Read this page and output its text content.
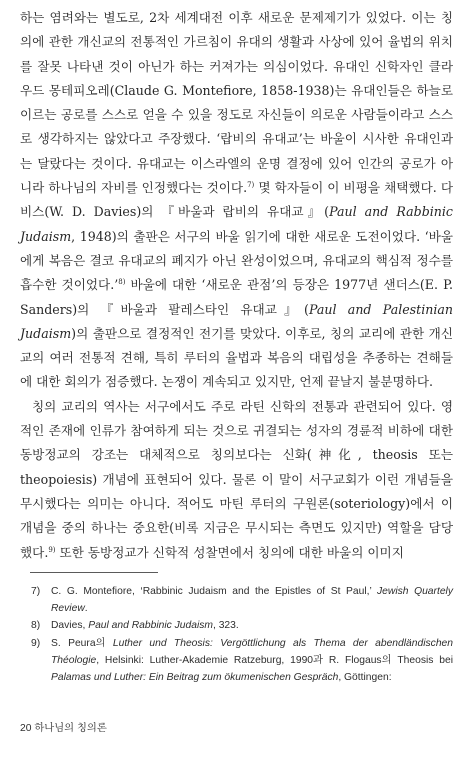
하는 염려와는 별도로, 2차 세계대전 이후 새로운 문제제기가 있었다. 이는 칭의에 관한 개신교의 전통적인 가르침이 유대의 생활과 사상에 있어 율법의 위치를 잘못 나타낸 것이 아닌가 하는 커져가는 의심이었다. 유대인 신학자인 클라우드 몽테피오레(Claude G. Montefiore, 1858-1938)는 유대인들은 하늘로 이르는 공로를 스스로 얻을 수 있을 정도로 자신들이 의로운 사람들이라고 스스로 생각하지는 않았다고 주장했다. ‘랍비의 유대교’는 바울이 시사한 유대인과는 달랐다는 것이다. 유대교는 이스라엘의 운명 결정에 있어 인간의 공로가 아니라 하나님의 자비를 인정했다는 것이다.$^{7)}$ 몇 학자들이 이 비평을 채택했다. 다비스(W. D. Davies)의 『바울과 랍비의 유대교』(Paul and Rabbinic Judaism, 1948)의 출판은 서구의 바울 읽기에 대한 새로운 도전이었다. ‘바울에게 복음은 결코 유대교의 폐지가 아닌 완성이었으며, 유대교의 핵심적 정수를 흡수한 것이었다.’$^{8)}$ 바울에 대한 ‘새로운 관점’의 등장은 1977년 샌더스(E. P. Sanders)의 『바울과 팔레스타인 유대교』(Paul and Palestinian Judaism)의 출판으로 결정적인 전기를 맞았다. 이후로, 칭의 교리에 관한 개신교의 여러 전통적 견해, 특히 루터의 율법과 복음의 대립성을 추종하는 견해들에 대한 회의가 점증했다. 논쟁이 계속되고 있지만, 언제 끝날지 불분명하다.

칭의 교리의 역사는 서구에서도 주로 라틴 신학의 전통과 관련되어 있다. 영적인 존재에 인류가 참여하게 되는 것으로 귀결되는 성자의 경륜적 비하에 대한 동방정교의 강조는 대체적으로 칭의보다는 신화(神化, theosis 또는 theopoiesis) 개념에 표현되어 있다. 물론 이 말이 서구교회가 이런 개념들을 무시했다는 의미는 아니다. 적어도 마틴 루터의 구원론(soteriology)에서 이 개념을 중의 하나는 중요한(비록 지금은 무시되는 측면도 있지만) 역할을 담당했다.$^{9)}$ 또한 동방정교가 신학적 성찰면에서 칭의에 대한 바울의 이미지

7) C. G. Montefiore, ‘Rabbinic Judaism and the Epistles of St Paul,’ Jewish Quartely Review.

8) Davies, Paul and Rabbinic Judaism, 323.

9) S. Peura의 Luther und Theosis: Vergöttlichung als Thema der abendländischen Théologie, Helsinki: Luther-Akademie Ratzeburg, 1990과 R. Flogaus의 Theosis bei Palamas und Luther: Ein Beitrag zum ökumenischen Gespräch, Göttingen:

20 하나님의 칭의론
